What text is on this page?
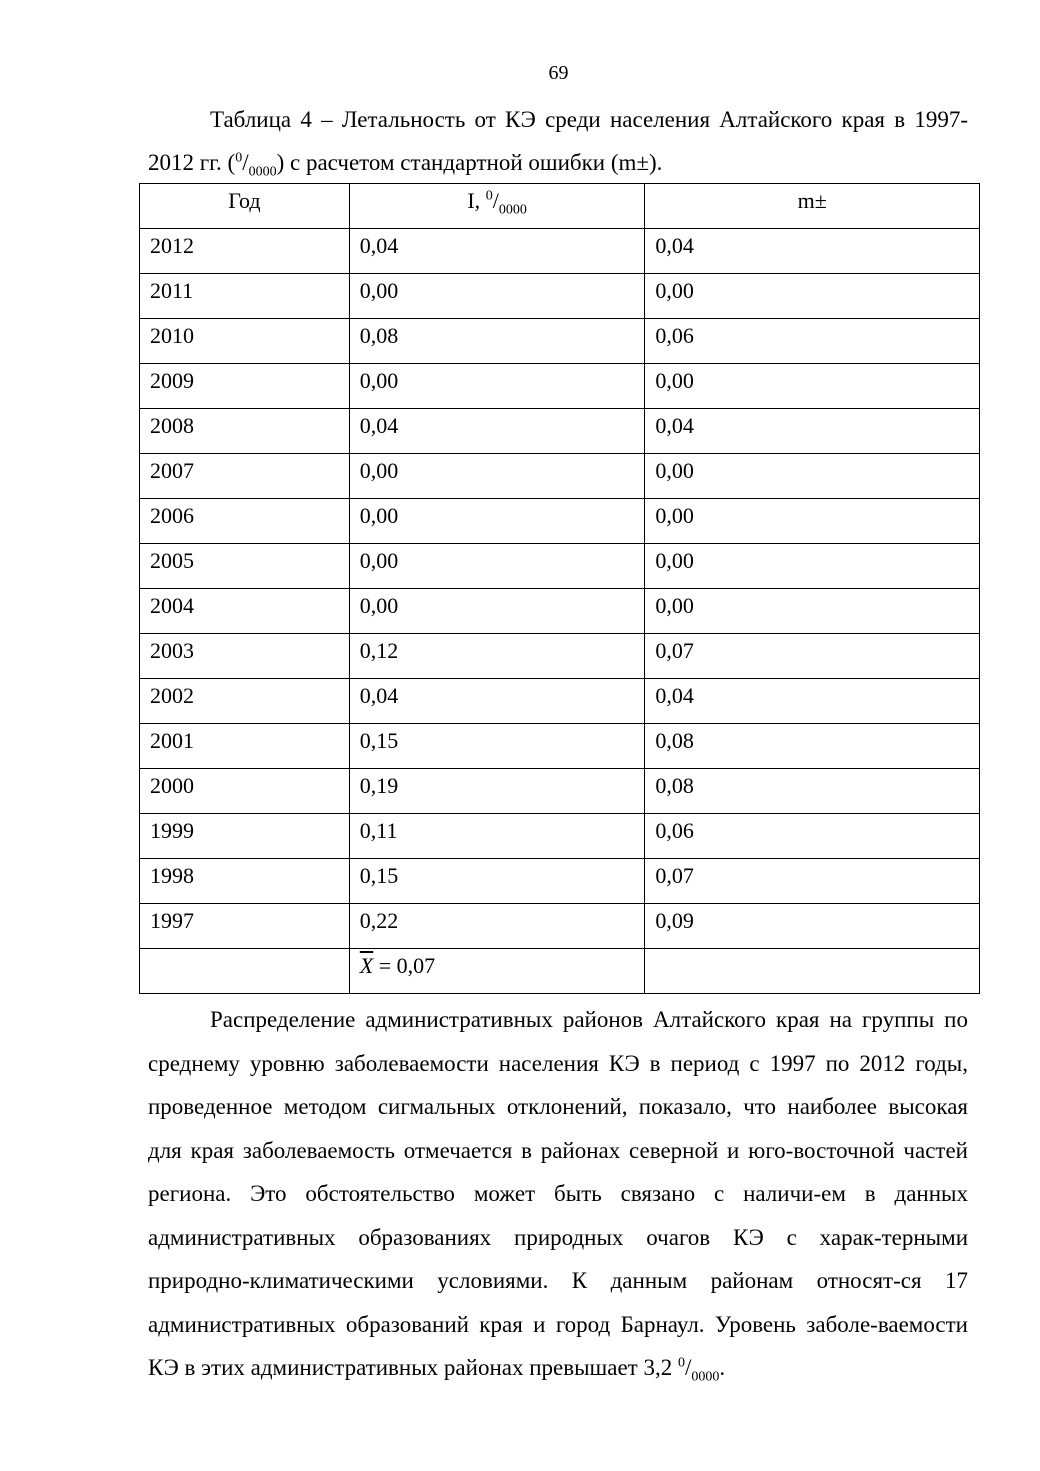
69
Таблица 4 – Летальность от КЭ среди населения Алтайского края в 1997-2012 гг. $(^0/_{0000})$ с расчетом стандартной ошибки (m±).
Год	I, $^0/_{0000}$	m±
2012	0,04	0,04
2011	0,00	0,00
2010	0,08	0,06
2009	0,00	0,00
2008	0,04	0,04
2007	0,00	0,00
2006	0,00	0,00
2005	0,00	0,00
2004	0,00	0,00
2003	0,12	0,07
2002	0,04	0,04
2001	0,15	0,08
2000	0,19	0,08
1999	0,11	0,06
1998	0,15	0,07
1997	0,22	0,09
	$\overline{X} = 0,07$	
Распределение административных районов Алтайского края на группы по среднему уровню заболеваемости населения КЭ в период с 1997 по 2012 годы, проведенное методом сигмальных отклонений, показало, что наиболее высокая для края заболеваемость отмечается в районах северной и юго-восточной частей региона. Это обстоятельство может быть связано с наличи-ем в данных административных образованиях природных очагов КЭ с харак-терными природно-климатическими условиями. К данным районам относят-ся 17 административных образований края и город Барнаул. Уровень заболе-ваемости КЭ в этих административных районах превышает 3,2 $^0/_{0000}$.
